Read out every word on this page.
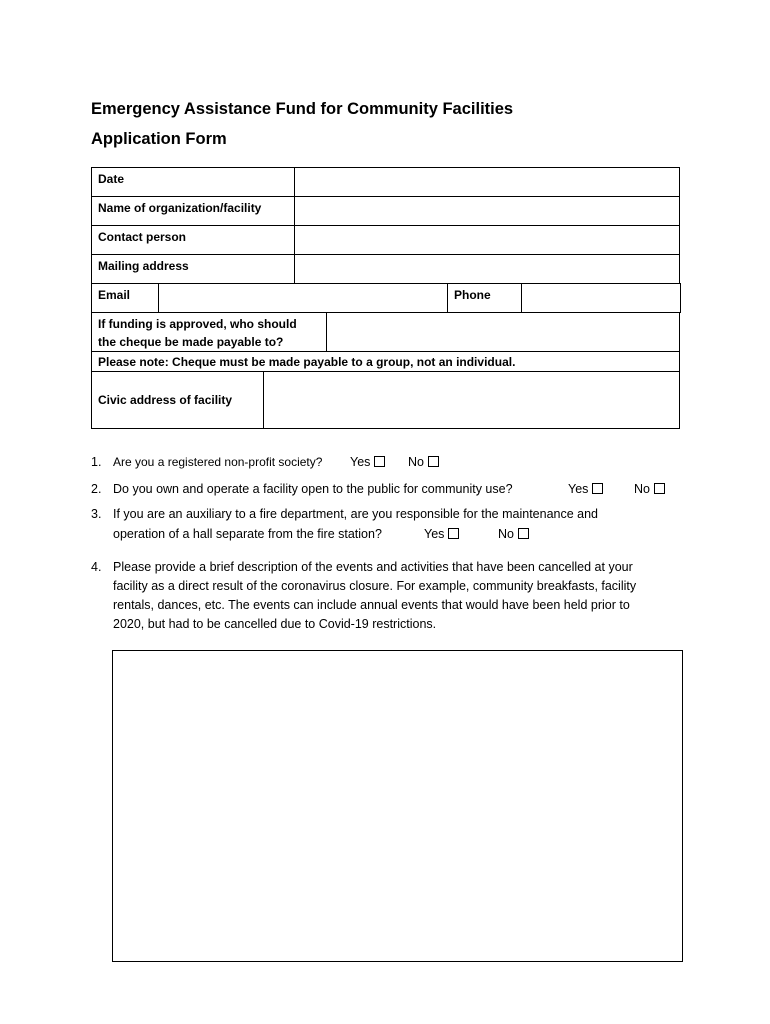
Emergency Assistance Fund for Community Facilities
Application Form
Date
Name of organization/facility
Contact person
Mailing address
Email	Phone
If funding is approved, who should
the cheque be made payable to?
Please note: Cheque must be made payable to a group, not an individual.
Civic address of facility
1. Are you a registered non-profit society? Yes	No
2. Do you own and operate a facility open to the public for community use?	Yes	No
3. If you are an auxiliary to a fire department, are you responsible for the maintenance and
operation of a hall separate from the fire station?	Yes	No
4. Please provide a brief description of the events and activities that have been cancelled at your facility as a direct result of the coronavirus closure. For example, community breakfasts, facility rentals, dances, etc. The events can include annual events that would have been held prior to 2020, but had to be cancelled due to Covid-19 restrictions.
